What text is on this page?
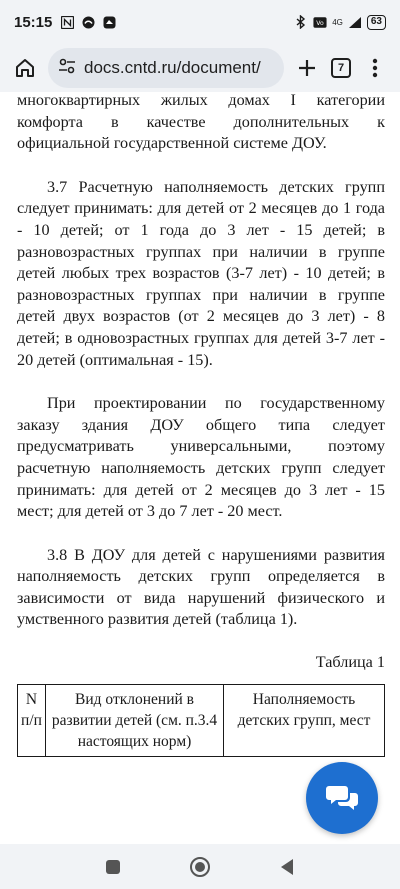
15:15	Vo 4G	63
docs.cntd.ru/document/	7

многоквартирных жилых домах I категории комфорта в качестве дополнительных к официальной государственной системе ДОУ.

3.7 Расчетную наполняемость детских групп следует принимать: для детей от 2 месяцев до 1 года - 10 детей; от 1 года до 3 лет - 15 детей; в разновозрастных группах при наличии в группе детей любых трех возрастов (3-7 лет) - 10 детей; в разновозрастных группах при наличии в группе детей двух возрастов (от 2 месяцев до 3 лет) - 8 детей; в одновозрастных группах для детей 3-7 лет - 20 детей (оптимальная - 15).

При проектировании по государственному заказу здания ДОУ общего типа следует предусматривать универсальными, поэтому расчетную наполняемость детских групп следует принимать: для детей от 2 месяцев до 3 лет - 15 мест; для детей от 3 до 7 лет - 20 мест.

3.8 В ДОУ для детей с нарушениями развития наполняемость детских групп определяется в зависимости от вида нарушений физического и умственного развития детей (таблица 1).

Таблица 1

N п/п	Вид отклонений в развитии детей (см. п.3.4 настоящих норм)	Наполняемость детских групп, мест
